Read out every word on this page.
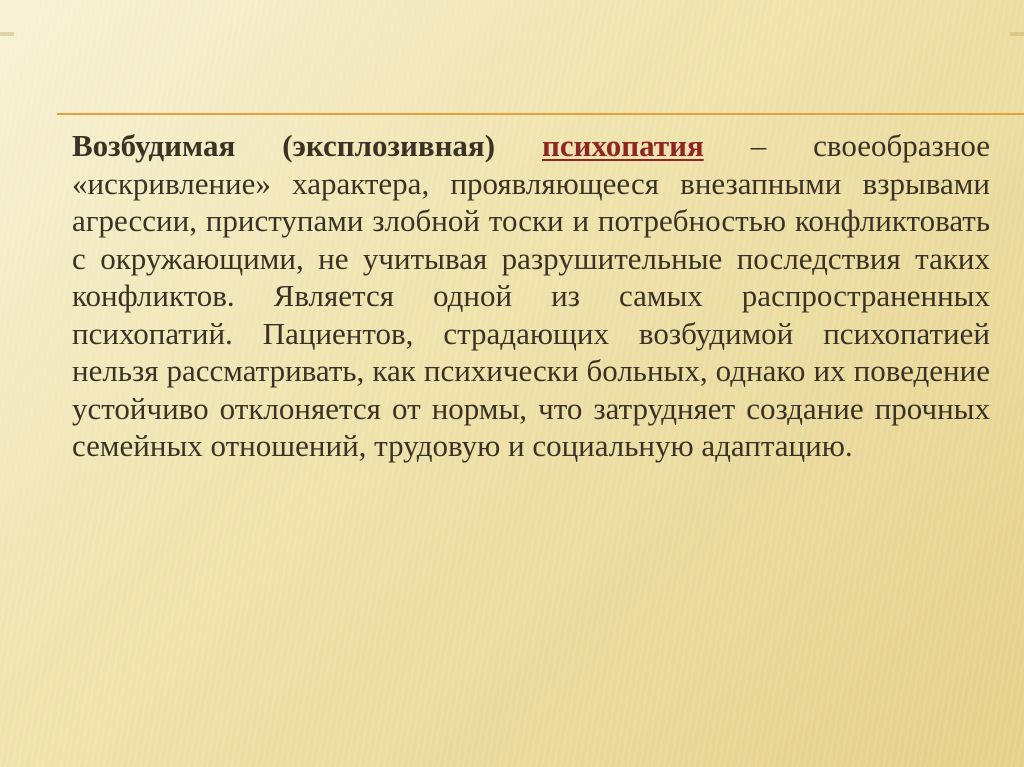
Возбудимая (эксплозивная) психопатия – своеобразное «искривление» характера, проявляющееся внезапными взрывами агрессии, приступами злобной тоски и потребностью конфликтовать с окружающими, не учитывая разрушительные последствия таких конфликтов. Является одной из самых распространенных психопатий. Пациентов, страдающих возбудимой психопатией нельзя рассматривать, как психически больных, однако их поведение устойчиво отклоняется от нормы, что затрудняет создание прочных семейных отношений, трудовую и социальную адаптацию.
